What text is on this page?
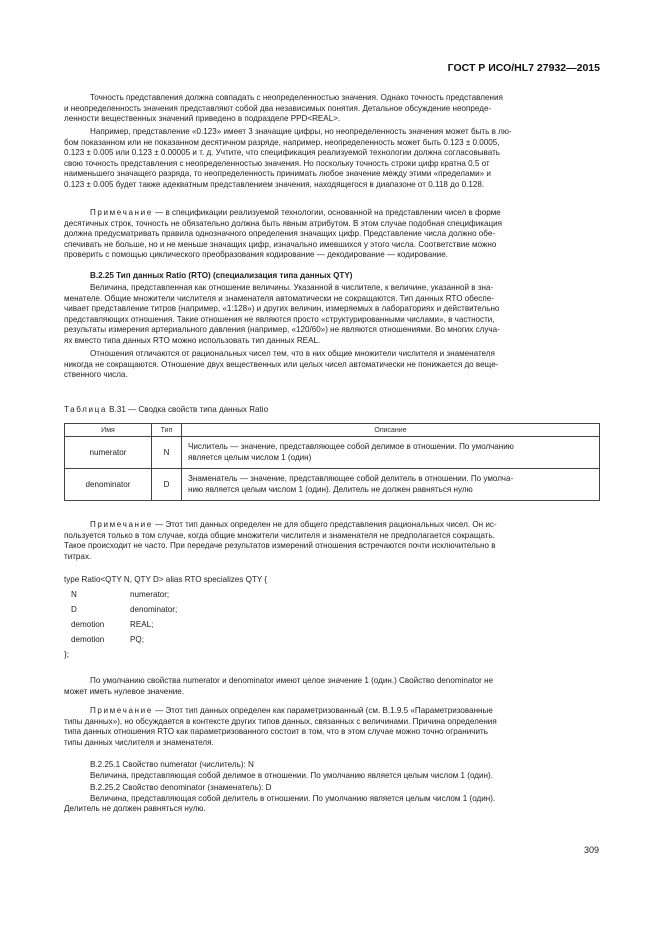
ГОСТ Р ИСО/HL7 27932—2015
Точность представления должна совпадать с неопределенностью значения. Однако точность представления
и неопределенность значения представляют собой два независимых понятия. Детальное обсуждение неопреде-
ленности вещественных значений приведено в подразделе PPD<REAL>.
Например, представление «0.123» имеет 3 значащие цифры, но неопределенность значения может быть в лю-
бом показанном или не показанном десятичном разряде, например, неопределенность может быть 0.123 ± 0.0005,
0.123 ± 0.005 или 0.123 ± 0.00005 и т. д. Учтите, что спецификация реализуемой технологии должна согласовывать
свою точность представления с неопределенностью значения. Но поскольку точность строки цифр кратна 0.5 от
наименьшего значащего разряда, то неопределенность принимать любое значение между этими «пределами» и
0.123 ± 0.005 будет также адекватным представлением значения, находящегося в диапазоне от 0.118 до 0.128.
Примечание — в спецификации реализуемой технологии, основанной на представлении чисел в форме
десятичных строк, точность не обязательно должна быть явным атрибутом. В этом случае подобная спецификация
должна предусматривать правила однозначного определения значащих цифр. Представление числа должно обе-
спечивать не больше, но и не меньше значащих цифр, изначально имевшихся у этого числа. Соответствие можно
проверить с помощью циклического преобразования кодирование — декодирование — кодирование.
B.2.25 Тип данных Ratio (RTO) (специализация типа данных QTY)
Величина, представленная как отношение величины. Указанной в числителе, к величине, указанной в зна-
менателе. Общие множители числителя и знаменателя автоматически не сокращаются. Тип данных RTO обеспе-
чивает представление титров (например, «1:128») и других величин, измеряемых в лабораториях и действительно
представляющих отношения. Такие отношения не являются просто «структурированными числами», в частности,
результаты измерения артериального давления (например, «120/60») не являются отношениями. Во многих случа-
ях вместо типа данных RTO можно использовать тип данных REAL.
Отношения отличаются от рациональных чисел тем, что в них общие множители числителя и знаменателя
никогда не сокращаются. Отношение двух вещественных или целых чисел автоматически не понижается до веще-
ственного числа.
Таблица B.31 — Сводка свойств типа данных Ratio
Имя	Тип	Описание
numerator	N	Числитель — значение, представляющее собой делимое в отношении. По умолчанию
является целым числом 1 (один)

denominator	D	Знаменатель — значение, представляющее собой делитель в отношении. По умолча-
нию является целым числом 1 (один). Делитель не должен равняться нулю
Примечание — Этот тип данных определен не для общего представления рациональных чисел. Он ис-
пользуется только в том случае, когда общие множители числителя и знаменателя не предполагается сокращать.
Такое происходит не часто. При передаче результатов измерений отношения встречаются почти исключительно в
титрах.
type Ratio<QTY N, QTY D> alias RTO specializes QTY {
N	numerator;
D	denominator;
demotion	REAL;
demotion	PQ;
};
По умолчанию свойства numerator и denominator имеют целое значение 1 (один.) Свойство denominator не
может иметь нулевое значение.
Примечание — Этот тип данных определен как параметризованный (см. B.1.9.5 «Параметризованные
типы данных»), но обсуждается в контексте других типов данных, связанных с величинами. Причина определения
типа данных отношения RTO как параметризованного состоит в том, что в этом случае можно точно ограничить
типы данных числителя и знаменателя.
B.2.25.1 Свойство numerator (числитель): N
Величина, представляющая собой делимое в отношении. По умолчанию является целым числом 1 (один).
B.2.25.2 Свойство denominator (знаменатель): D
Величина, представляющая собой делитель в отношении. По умолчанию является целым числом 1 (один).
Делитель не должен равняться нулю.
309
